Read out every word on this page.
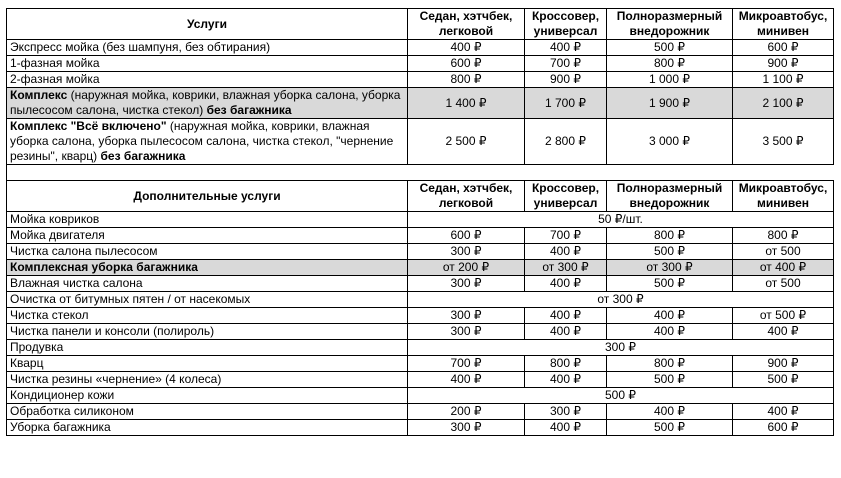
Услуги	Седан, хэтчбек, легковой	Кроссовер, универсал	Полноразмерный внедорожник	Микроавтобус, минивен
Экспресс мойка (без шампуня, без обтирания)	400 ₽	400 ₽	500 ₽	600 ₽
1-фазная мойка	600 ₽	700 ₽	800 ₽	900 ₽
2-фазная мойка	800 ₽	900 ₽	1 000 ₽	1 100 ₽
Комплекс (наружная мойка, коврики, влажная уборка салона, уборка пылесосом салона, чистка стекол) без багажника	1 400 ₽	1 700 ₽	1 900 ₽	2 100 ₽
Комплекс "Всё включено" (наружная мойка, коврики, влажная уборка салона, уборка пылесосом салона, чистка стекол, "чернение резины", кварц) без багажника	2 500 ₽	2 800 ₽	3 000 ₽	3 500 ₽

Дополнительные услуги	Седан, хэтчбек, легковой	Кроссовер, универсал	Полноразмерный внедорожник	Микроавтобус, минивен
Мойка ковриков	50 ₽/шт.			
Мойка двигателя	600 ₽	700 ₽	800 ₽	800 ₽
Чистка салона пылесосом	300 ₽	400 ₽	500 ₽	от 500
Комплексная уборка багажника	от 200 ₽	от 300 ₽	от 300 ₽	от 400 ₽
Влажная чистка салона	300 ₽	400 ₽	500 ₽	от 500
Очистка от битумных пятен / от насекомых	от 300 ₽			
Чистка стекол	300 ₽	400 ₽	400 ₽	от 500 ₽
Чистка панели и консоли (полироль)	300 ₽	400 ₽	400 ₽	400 ₽
Продувка	300 ₽			
Кварц	700 ₽	800 ₽	800 ₽	900 ₽
Чистка резины «чернение» (4 колеса)	400 ₽	400 ₽	500 ₽	500 ₽
Кондиционер кожи	500 ₽			
Обработка силиконом	200 ₽	300 ₽	400 ₽	400 ₽
Уборка багажника	300 ₽	400 ₽	500 ₽	600 ₽
